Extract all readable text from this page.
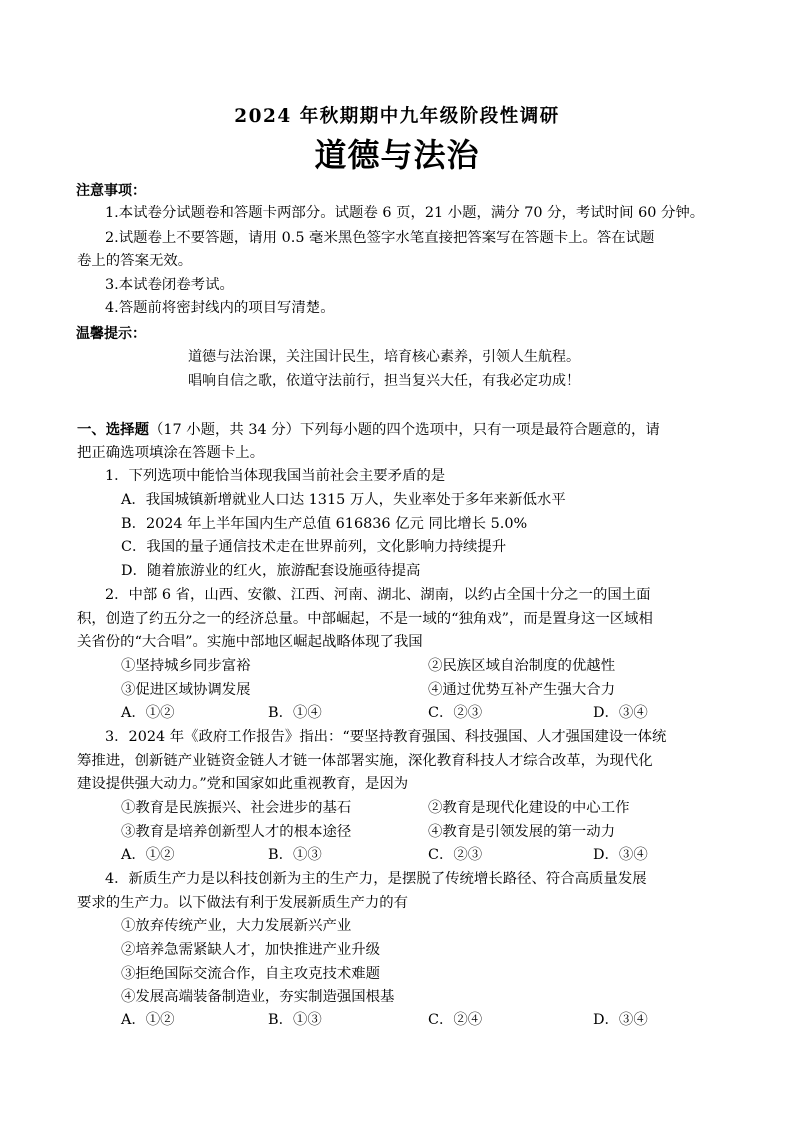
2024 年秋期期中九年级阶段性调研
道德与法治
注意事项：
1.本试卷分试题卷和答题卡两部分。试题卷 6 页，21 小题，满分 70 分，考试时间 60 分钟。
2.试题卷上不要答题，请用 0.5 毫米黑色签字水笔直接把答案写在答题卡上。答在试题
卷上的答案无效。
3.本试卷闭卷考试。
4.答题前将密封线内的项目写清楚。
温馨提示：
道德与法治课，关注国计民生，培育核心素养，引领人生航程。
唱响自信之歌，依道守法前行，担当复兴大任，有我必定功成！
一、选择题（17 小题，共 34 分）下列每小题的四个选项中，只有一项是最符合题意的，请
把正确选项填涂在答题卡上。
1．下列选项中能恰当体现我国当前社会主要矛盾的是
A．我国城镇新增就业人口达 1315 万人，失业率处于多年来新低水平
B．2024 年上半年国内生产总值 616836 亿元 同比增长 5.0%
C．我国的量子通信技术走在世界前列，文化影响力持续提升
D．随着旅游业的红火，旅游配套设施亟待提高
2．中部 6 省，山西、安徽、江西、河南、湖北、湖南，以约占全国十分之一的国土面
积，创造了约五分之一的经济总量。中部崛起，不是一域的“独角戏”，而是置身这一区域相
关省份的“大合唱”。实施中部地区崛起战略体现了我国
①坚持城乡同步富裕	②民族区域自治制度的优越性
③促进区域协调发展	④通过优势互补产生强大合力
A．①②	B．①④	C．②③	D．③④
3．2024 年《政府工作报告》指出：“要坚持教育强国、科技强国、人才强国建设一体统
筹推进，创新链产业链资金链人才链一体部署实施，深化教育科技人才综合改革，为现代化
建设提供强大动力。”党和国家如此重视教育，是因为
①教育是民族振兴、社会进步的基石	②教育是现代化建设的中心工作
③教育是培养创新型人才的根本途径	④教育是引领发展的第一动力
A．①②	B．①③	C．②③	D．③④
4．新质生产力是以科技创新为主的生产力，是摆脱了传统增长路径、符合高质量发展
要求的生产力。以下做法有利于发展新质生产力的有
①放弃传统产业，大力发展新兴产业
②培养急需紧缺人才，加快推进产业升级
③拒绝国际交流合作，自主攻克技术难题
④发展高端装备制造业，夯实制造强国根基
A．①②	B．①③	C．②④	D．③④
